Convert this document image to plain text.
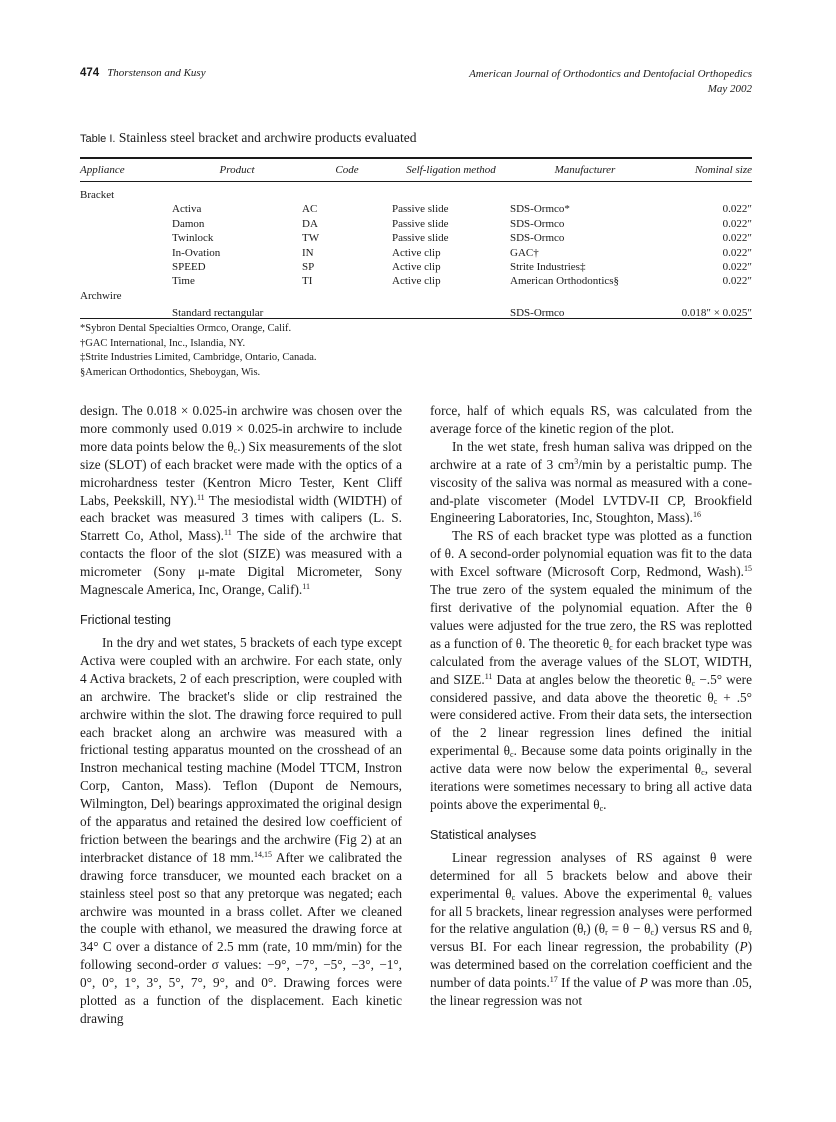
474 Thorstenson and Kusy	American Journal of Orthodontics and Dentofacial Orthopedics
May 2002
Table I. Stainless steel bracket and archwire products evaluated
Appliance	Product	Code	Self-ligation method	Manufacturer	Nominal size

Bracket					
	Activa	AC	Passive slide	SDS-Ormco*	0.022″
	Damon	DA	Passive slide	SDS-Ormco	0.022″
	Twinlock	TW	Passive slide	SDS-Ormco	0.022″
	In-Ovation	IN	Active clip	GAC†	0.022″
	SPEED	SP	Active clip	Strite Industries‡	0.022″
	Time	TI	Active clip	American Orthodontics§	0.022″
Archwire					
	Standard rectangular			SDS-Ormco	0.018″ × 0.025″
*Sybron Dental Specialties Ormco, Orange, Calif.
†GAC International, Inc., Islandia, NY.
‡Strite Industries Limited, Cambridge, Ontario, Canada.
§American Orthodontics, Sheboygan, Wis.

design. The 0.018 × 0.025-in archwire was chosen over the more commonly used 0.019 × 0.025-in archwire to include more data points below the $\theta_c$.) Six measurements of the slot size (SLOT) of each bracket were made with the optics of a microhardness tester (Kentron Micro Tester, Kent Cliff Labs, Peekskill, NY).$^{11}$ The mesiodistal width (WIDTH) of each bracket was measured 3 times with calipers (L. S. Starrett Co, Athol, Mass).$^{11}$ The side of the archwire that contacts the floor of the slot (SIZE) was measured with a micrometer (Sony μ-mate Digital Micrometer, Sony Magnescale America, Inc, Orange, Calif).$^{11}$

Frictional testing

In the dry and wet states, 5 brackets of each type except Activa were coupled with an archwire. For each state, only 4 Activa brackets, 2 of each prescription, were coupled with an archwire. The bracket's slide or clip restrained the archwire within the slot. The drawing force required to pull each bracket along an archwire was measured with a frictional testing apparatus mounted on the crosshead of an Instron mechanical testing machine (Model TTCM, Instron Corp, Canton, Mass). Teflon (Dupont de Nemours, Wilmington, Del) bearings approximated the original design of the apparatus and retained the desired low coefficient of friction between the bearings and the archwire (Fig 2) at an interbracket distance of 18 mm.$^{14,15}$ After we calibrated the drawing force transducer, we mounted each bracket on a stainless steel post so that any pretorque was negated; each archwire was mounted in a brass collet. After we cleaned the couple with ethanol, we measured the drawing force at 34° C over a distance of 2.5 mm (rate, 10 mm/min) for the following second-order σ values: −9°, −7°, −5°, −3°, −1°, 0°, 0°, 1°, 3°, 5°, 7°, 9°, and 0°. Drawing forces were plotted as a function of the displacement. Each kinetic drawing

force, half of which equals RS, was calculated from the average force of the kinetic region of the plot.

In the wet state, fresh human saliva was dripped on the archwire at a rate of 3 $cm^3/\min$ by a peristaltic pump. The viscosity of the saliva was normal as measured with a cone-and-plate viscometer (Model LVTDV-II CP, Brookfield Engineering Laboratories, Inc, Stoughton, Mass).$^{16}$

The RS of each bracket type was plotted as a function of θ. A second-order polynomial equation was fit to the data with Excel software (Microsoft Corp, Redmond, Wash).$^{15}$ The true zero of the system equaled the minimum of the first derivative of the polynomial equation. After the θ values were adjusted for the true zero, the RS was replotted as a function of θ. The theoretic $\theta_c$ for each bracket type was calculated from the average values of the SLOT, WIDTH, and SIZE.$^{11}$ Data at angles below the theoretic $\theta_c -.5^\circ$ were considered passive, and data above the theoretic $\theta_c + .5^\circ$ were considered active. From their data sets, the intersection of the 2 linear regression lines defined the initial experimental $\theta_c$. Because some data points originally in the active data were now below the experimental $\theta_c$, several iterations were sometimes necessary to bring all active data points above the experimental $\theta_c$.

Statistical analyses

Linear regression analyses of RS against θ were determined for all 5 brackets below and above their experimental $\theta_c$ values. Above the experimental $\theta_c$ values for all 5 brackets, linear regression analyses were performed for the relative angulation $(\theta_r) (\theta_r = \theta - \theta_c)$ versus RS and $\theta_r$ versus BI. For each linear regression, the probability (P) was determined based on the correlation coefficient and the number of data points.$^{17}$ If the value of P was more than .05, the linear regression was not
